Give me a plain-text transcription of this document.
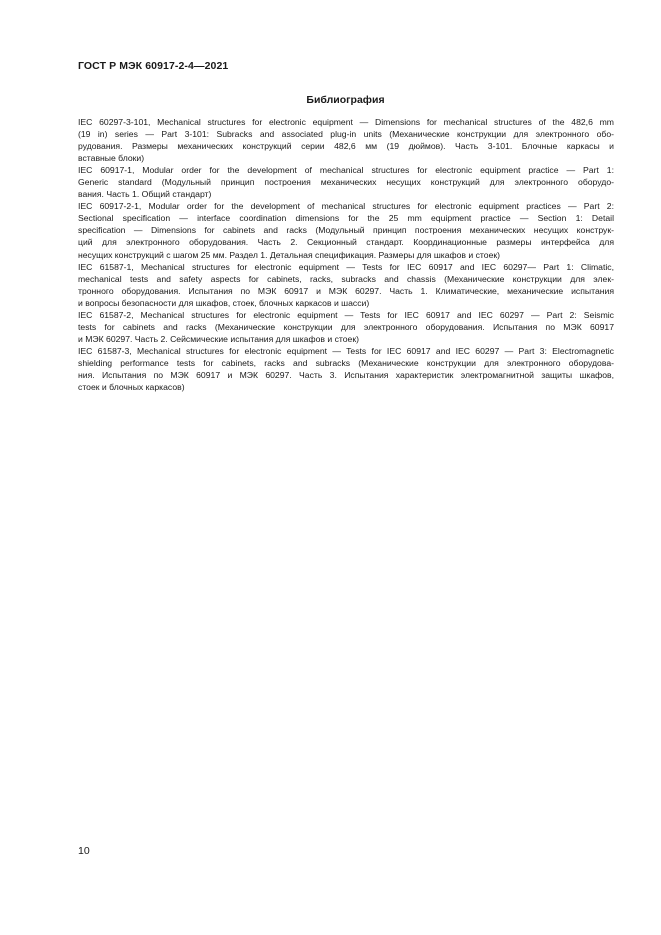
ГОСТ Р МЭК 60917-2-4—2021
Библиография

IEC 60297-3-101, Mechanical structures for electronic equipment — Dimensions for mechanical structures of the 482,6 mm
(19 in) series — Part 3-101: Subracks and associated plug-in units (Механические конструкции для электронного обо-
рудования. Размеры механических конструкций серии 482,6 мм (19 дюймов). Часть 3-101. Блочные каркасы и
вставные блоки)

IEC 60917-1, Modular order for the development of mechanical structures for electronic equipment practice — Part 1:
Generic standard (Модульный принцип построения механических несущих конструкций для электронного оборудо-
вания. Часть 1. Общий стандарт)

IEC 60917-2-1, Modular order for the development of mechanical structures for electronic equipment practices — Part 2:
Sectional specification — interface coordination dimensions for the 25 mm equipment practice — Section 1: Detail
specification — Dimensions for cabinets and racks (Модульный принцип построения механических несущих конструк-
ций для электронного оборудования. Часть 2. Секционный стандарт. Координационные размеры интерфейса для
несущих конструкций с шагом 25 мм. Раздел 1. Детальная спецификация. Размеры для шкафов и стоек)

IEC 61587-1, Mechanical structures for electronic equipment — Tests for IEC 60917 and IEC 60297— Part 1: Climatic,
mechanical tests and safety aspects for cabinets, racks, subracks and chassis (Механические конструкции для элек-
тронного оборудования. Испытания по МЭК 60917 и МЭК 60297. Часть 1. Климатические, механические испытания
и вопросы безопасности для шкафов, стоек, блочных каркасов и шасси)

IEC 61587-2, Mechanical structures for electronic equipment — Tests for IEC 60917 and IEC 60297 — Part 2: Seismic
tests for cabinets and racks (Механические конструкции для электронного оборудования. Испытания по МЭК 60917
и МЭК 60297. Часть 2. Сейсмические испытания для шкафов и стоек)

IEC 61587-3, Mechanical structures for electronic equipment — Tests for IEC 60917 and IEC 60297 — Part 3: Electromagnetic
shielding performance tests for cabinets, racks and subracks (Механические конструкции для электронного оборудова-
ния. Испытания по МЭК 60917 и МЭК 60297. Часть 3. Испытания характеристик электромагнитной защиты шкафов,
стоек и блочных каркасов)

10
